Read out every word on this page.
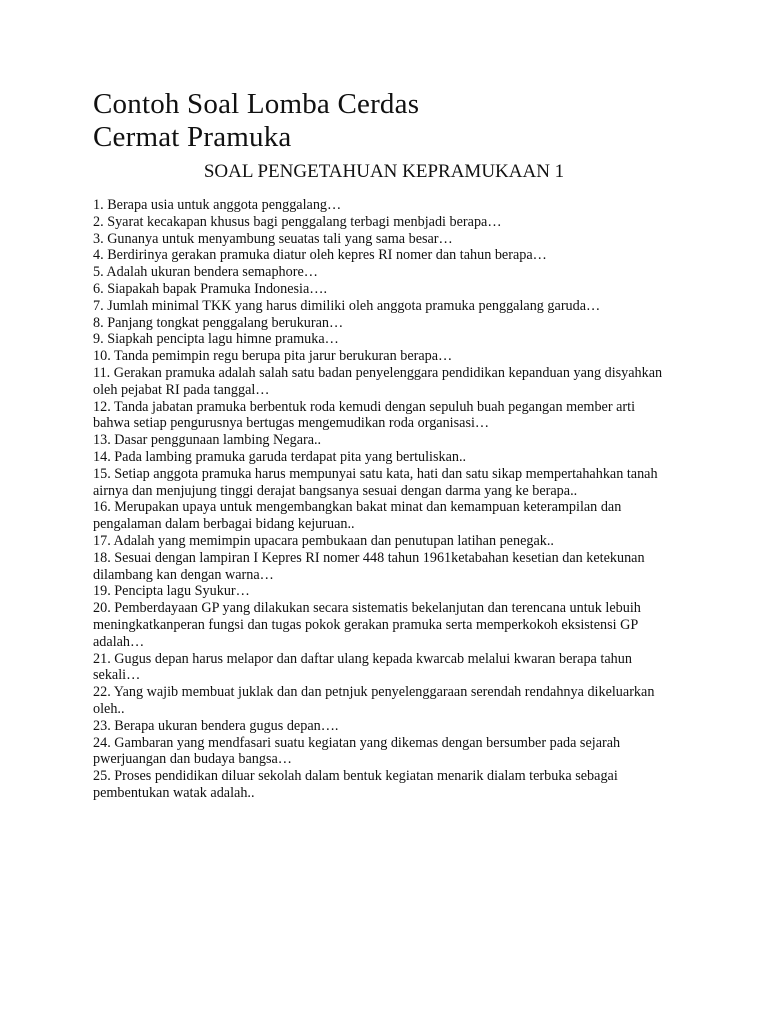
Contoh Soal Lomba Cerdas
Cermat Pramuka
SOAL PENGETAHUAN KEPRAMUKAAN 1
1. Berapa usia untuk anggota penggalang…
2. Syarat kecakapan khusus bagi penggalang terbagi menbjadi berapa…
3. Gunanya untuk menyambung seuatas tali yang sama besar…
4. Berdirinya gerakan pramuka diatur oleh kepres RI nomer dan tahun berapa…
5. Adalah ukuran bendera semaphore…
6. Siapakah bapak Pramuka Indonesia….
7. Jumlah minimal TKK yang harus dimiliki oleh anggota pramuka penggalang garuda…
8. Panjang tongkat penggalang berukuran…
9. Siapkah pencipta lagu himne pramuka…
10. Tanda pemimpin regu berupa pita jarur berukuran berapa…
11. Gerakan pramuka adalah salah satu badan penyelenggara pendidikan kepanduan yang disyahkan oleh pejabat RI pada tanggal…
12. Tanda jabatan pramuka berbentuk roda kemudi dengan sepuluh buah pegangan member arti bahwa setiap pengurusnya bertugas mengemudikan roda organisasi…
13. Dasar penggunaan lambing Negara..
14. Pada lambing pramuka garuda terdapat pita yang bertuliskan..
15. Setiap anggota pramuka harus mempunyai satu kata, hati dan satu sikap mempertahahkan tanah airnya dan menjujung tinggi derajat bangsanya sesuai dengan darma yang ke berapa..
16. Merupakan upaya untuk mengembangkan bakat minat dan kemampuan keterampilan dan pengalaman dalam berbagai bidang kejuruan..
17. Adalah yang memimpin upacara pembukaan dan penutupan latihan penegak..
18. Sesuai dengan lampiran I Kepres RI nomer 448 tahun 1961ketabahan kesetian dan ketekunan dilambang kan dengan warna…
19. Pencipta lagu Syukur…
20. Pemberdayaan GP yang dilakukan secara sistematis bekelanjutan dan terencana untuk lebuih meningkatkanperan fungsi dan tugas pokok gerakan pramuka serta memperkokoh eksistensi GP adalah…
21. Gugus depan harus melapor dan daftar ulang kepada kwarcab melalui kwaran berapa tahun sekali…
22. Yang wajib membuat juklak dan dan petnjuk penyelenggaraan serendah rendahnya dikeluarkan oleh..
23. Berapa ukuran bendera gugus depan….
24. Gambaran yang mendfasari suatu kegiatan yang dikemas dengan bersumber pada sejarah pwerjuangan dan budaya bangsa…
25. Proses pendidikan diluar sekolah dalam bentuk kegiatan menarik dialam terbuka sebagai pembentukan watak adalah..
